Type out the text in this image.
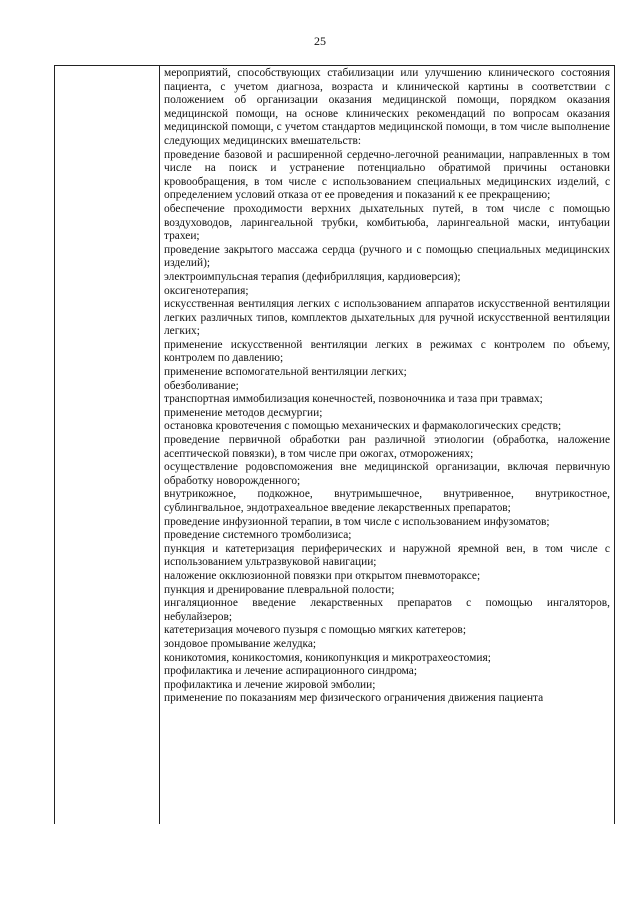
25

мероприятий, способствующих стабилизации или улучшению клинического состояния пациента, с учетом диагноза, возраста и клинической картины в соответствии с положением об организации оказания медицинской помощи, порядком оказания медицинской помощи, на основе клинических рекомендаций по вопросам оказания медицинской помощи, с учетом стандартов медицинской помощи, в том числе выполнение следующих медицинских вмешательств:

проведение базовой и расширенной сердечно-легочной реанимации, направленных в том числе на поиск и устранение потенциально обратимой причины остановки кровообращения, в том числе с использованием специальных медицинских изделий, с определением условий отказа от ее проведения и показаний к ее прекращению;

обеспечение проходимости верхних дыхательных путей, в том числе с помощью воздуховодов, ларингеальной трубки, комбитьюба, ларингеальной маски, интубации трахеи;

проведение закрытого массажа сердца (ручного и с помощью специальных медицинских изделий);

электроимпульсная терапия (дефибрилляция, кардиоверсия);

оксигенотерапия;

искусственная вентиляция легких с использованием аппаратов искусственной вентиляции легких различных типов, комплектов дыхательных для ручной искусственной вентиляции легких;

применение искусственной вентиляции легких в режимах с контролем по объему, контролем по давлению;

применение вспомогательной вентиляции легких;

обезболивание;

транспортная иммобилизация конечностей, позвоночника и таза при травмах;

применение методов десмургии;

остановка кровотечения с помощью механических и фармакологических средств;

проведение первичной обработки ран различной этиологии (обработка, наложение асептической повязки), в том числе при ожогах, отморожениях;

осуществление родовспоможения вне медицинской организации, включая первичную обработку новорожденного;

внутрикожное, подкожное, внутримышечное, внутривенное, внутрикостное, сублингвальное, эндотрахеальное введение лекарственных препаратов;

проведение инфузионной терапии, в том числе с использованием инфузоматов;

проведение системного тромболизиса;

пункция и катетеризация периферических и наружной яремной вен, в том числе с использованием ультразвуковой навигации;

наложение окклюзионной повязки при открытом пневмотораксе;

пункция и дренирование плевральной полости;

ингаляционное введение лекарственных препаратов с помощью ингаляторов, небулайзеров;

катетеризация мочевого пузыря с помощью мягких катетеров;

зондовое промывание желудка;

коникотомия, коникостомия, коникопункция и микротрахеостомия;

профилактика и лечение аспирационного синдрома;

профилактика и лечение жировой эмболии;

применение по показаниям мер физического ограничения движения пациента
